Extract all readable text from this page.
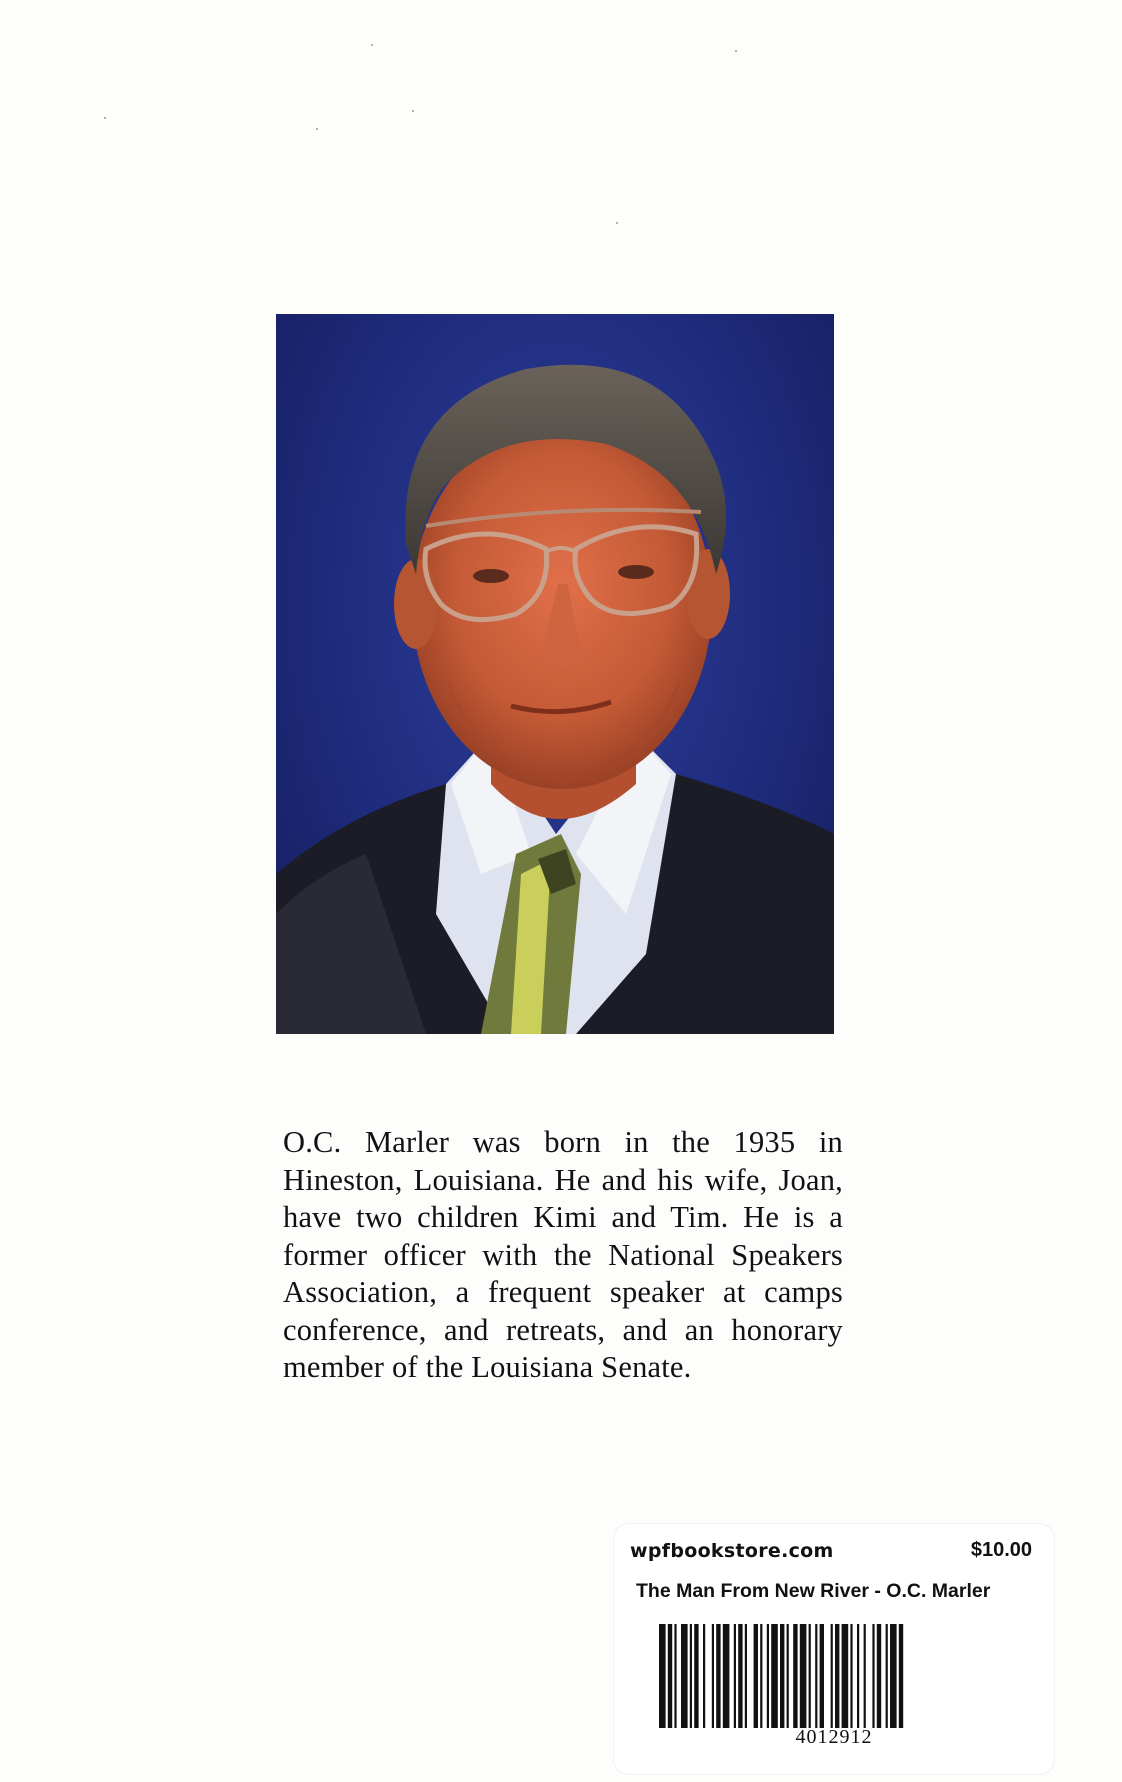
O.C. Marler was born in the 1935 in Hineston, Louisiana. He and his wife, Joan, have two children Kimi and Tim. He is a former officer with the National Speakers Association, a frequent speaker at camps conference, and retreats, and an honorary member of the Louisiana Senate.

wpfbookstore.com	$10.00
The Man From New River - O.C. Marler
4012912
